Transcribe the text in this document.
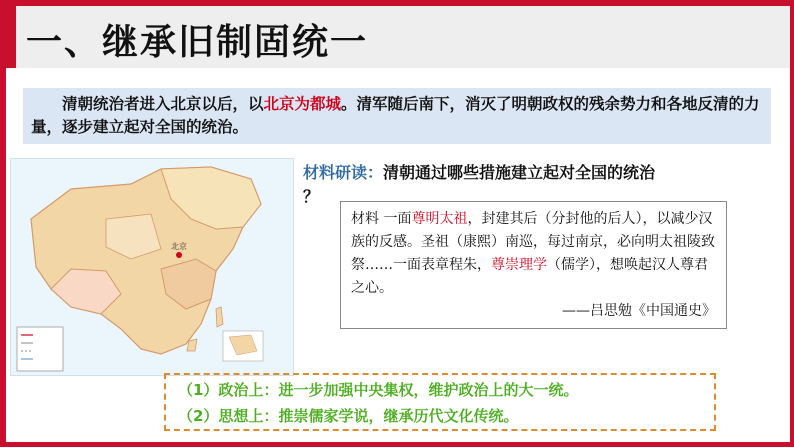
一、继承旧制固统一
清朝统治者进入北京以后，以北京为都城。清军随后南下，消灭了明朝政权的残余势力和各地反清的力量，逐步建立起对全国的统治。
北京
材料研读：清朝通过哪些措施建立起对全国的统治
？
材料 一面尊明太祖，封建其后（分封他的后人），以减少汉族的反感。圣祖（康熙）南巡，每过南京，必向明太祖陵致祭……一面表章程朱，尊崇理学（儒学），想唤起汉人尊君之心。
——吕思勉《中国通史》
（1）政治上：进一步加强中央集权，维护政治上的大一统。
（2）思想上：推崇儒家学说，继承历代文化传统。
